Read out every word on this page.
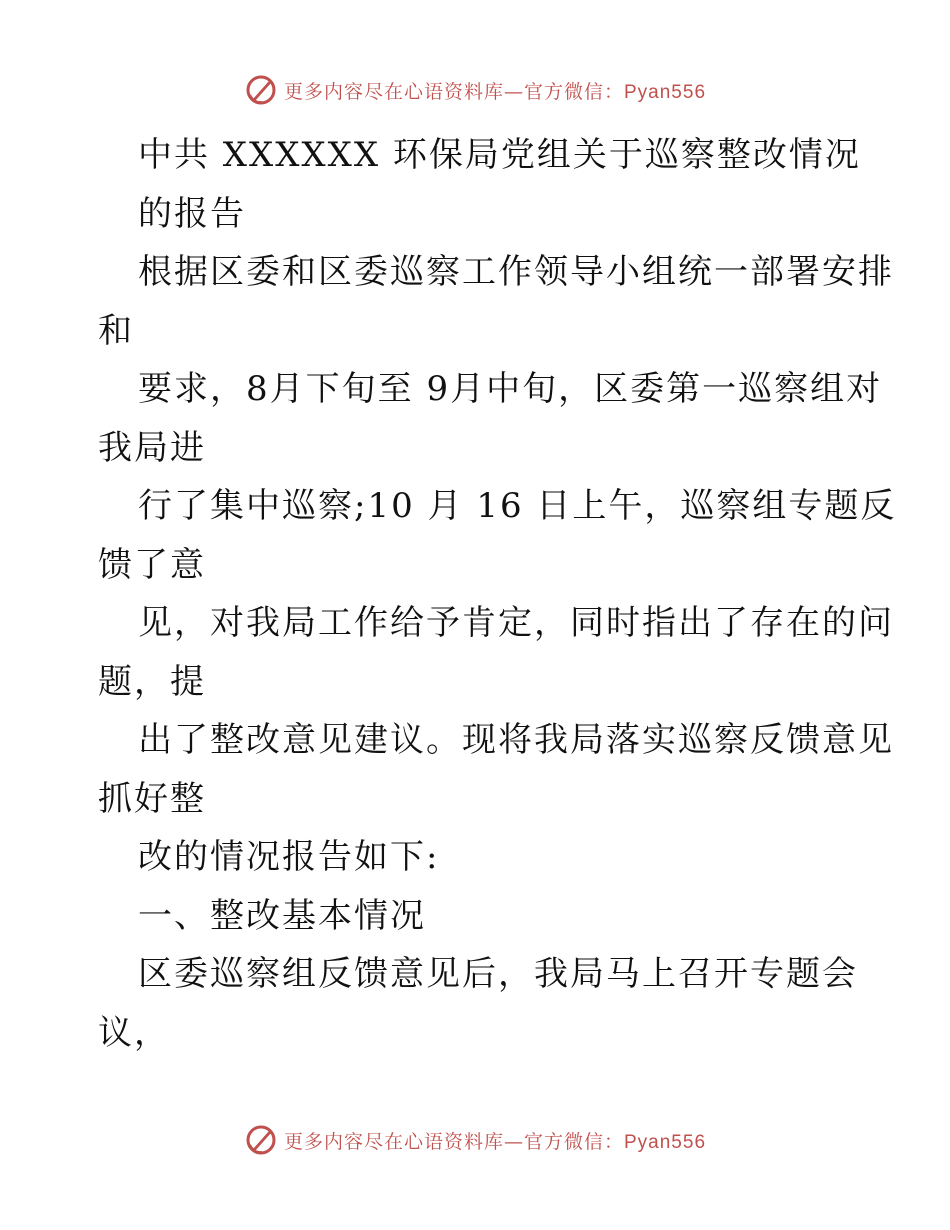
更多内容尽在心语资料库—官方微信：Pyan556
中共 XXXXXX 环保局党组关于巡察整改情况
的报告
根据区委和区委巡察工作领导小组统一部署安排
和
要求，8月下旬至 9月中旬，区委第一巡察组对
我局进
行了集中巡察;10 月 16 日上午，巡察组专题反
馈了意
见，对我局工作给予肯定，同时指出了存在的问
题，提
出了整改意见建议。现将我局落实巡察反馈意见
抓好整
改的情况报告如下:
一、整改基本情况
区委巡察组反馈意见后，我局马上召开专题会
议，
更多内容尽在心语资料库—官方微信：Pyan556
